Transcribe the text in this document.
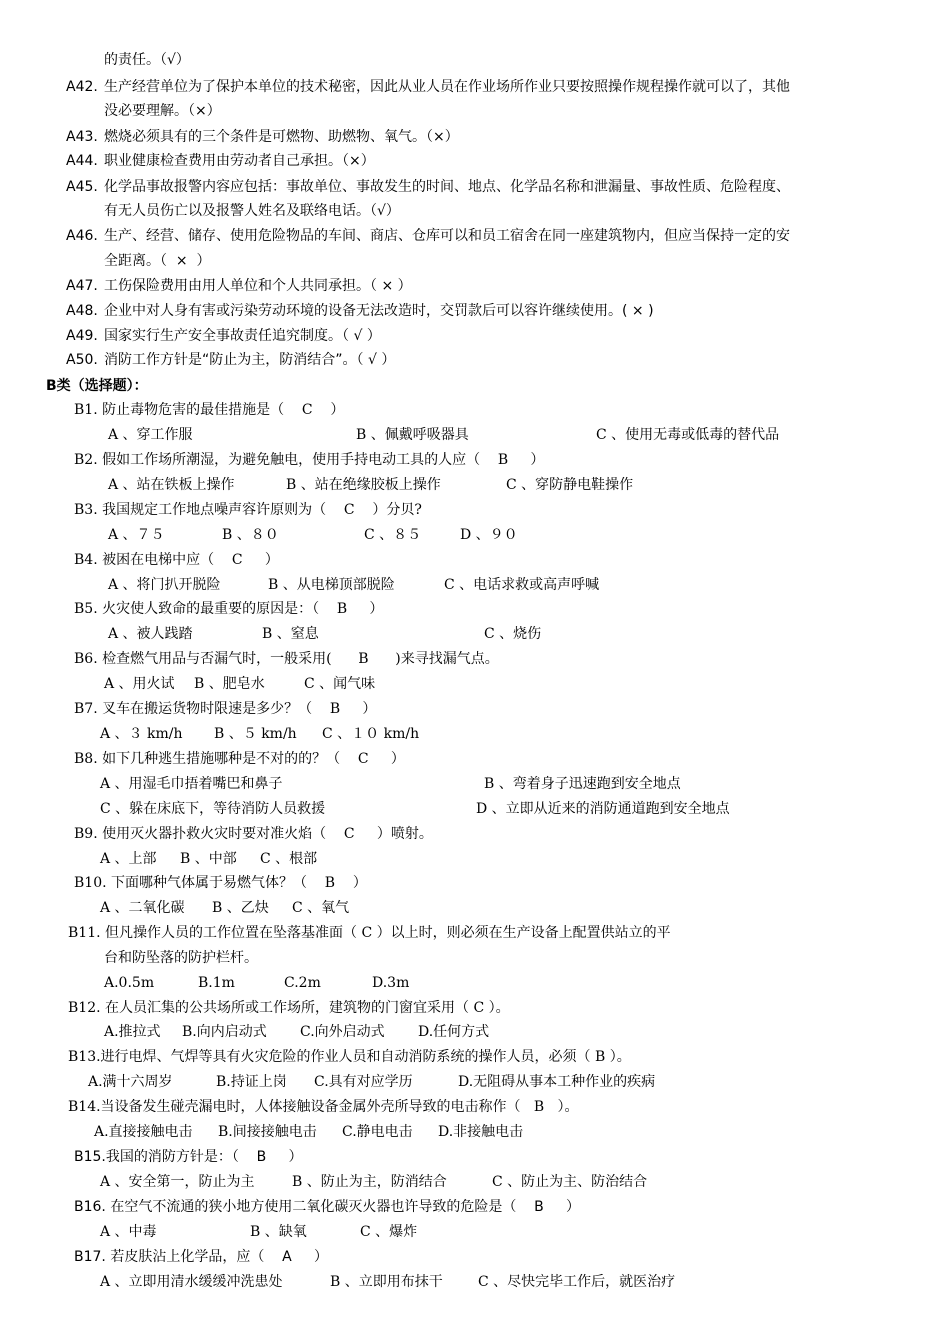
的责任。（√）
A42. 生产经营单位为了保护本单位的技术秘密，因此从业人员在作业场所作业只要按照操作规程操作就可以了，其他
没必要理解。（×）
A43. 燃烧必须具有的三个条件是可燃物、助燃物、氧气。（×）
A44. 职业健康检查费用由劳动者自己承担。（×）
A45. 化学品事故报警内容应包括：事故单位、事故发生的时间、地点、化学品名称和泄漏量、事故性质、危险程度、
有无人员伤亡以及报警人姓名及联络电话。（√）
A46. 生产、经营、储存、使用危险物品的车间、商店、仓库可以和员工宿舍在同一座建筑物内，但应当保持一定的安
全距离。（  ×  ）
A47. 工伤保险费用由用人单位和个人共同承担。（ × ）
A48. 企业中对人身有害或污染劳动环境的设备无法改造时，交罚款后可以容许继续使用。( × )
A49. 国家实行生产安全事故责任追究制度。（ √ ）
A50. 消防工作方针是“防止为主，防消结合”。（ √ ）
B类（选择题）：
B1. 防止毒物危害的最佳措施是（    C    ）
A 、穿工作服	B 、佩戴呼吸器具	C 、使用无毒或低毒的替代品
B2. 假如工作场所潮湿，为避免触电，使用手持电动工具的人应（    B     ）
A 、站在铁板上操作	B 、站在绝缘胶板上操作	C 、穿防静电鞋操作
B3. 我国规定工作地点噪声容许原则为（    C    ）分贝?
A 、７５	B 、８０	C 、８５	D 、９０
B4. 被困在电梯中应（    C     ）
A 、将门扒开脱险	B 、从电梯顶部脱险	C 、电话求救或高声呼喊
B5. 火灾使人致命的最重要的原因是：（    B     ）
A 、被人践踏	B 、窒息	C 、烧伤
B6. 检查燃气用品与否漏气时，一般采用(      B      )来寻找漏气点。
A 、用火试 B 、肥皂水	C 、闻气味
B7. 叉车在搬运货物时限速是多少？（    B     ）
A 、３ km/h B 、５ km/h C 、１０ km/h
B8. 如下几种逃生措施哪种是不对的的？（    C     ）
A 、用湿毛巾捂着嘴巴和鼻子	B 、弯着身子迅速跑到安全地点
C 、躲在床底下，等待消防人员救援	D 、立即从近来的消防通道跑到安全地点
B9. 使用灭火器扑救火灾时要对准火焰（    C     ）喷射。
A 、上部 B 、中部 C 、根部
B10. 下面哪种气体属于易燃气体？（    B    ）
A 、二氧化碳 B 、乙炔 C 、氧气
B11. 但凡操作人员的工作位置在坠落基准面（ C ）以上时，则必须在生产设备上配置供站立的平
台和防坠落的防护栏杆。
A.0.5m	B.1m	C.2m	D.3m
B12. 在人员汇集的公共场所或工作场所，建筑物的门窗宜采用（ C ）。
A.推拉式 B.向内启动式 C.向外启动式 D.任何方式
B13.进行电焊、气焊等具有火灾危险的作业人员和自动消防系统的操作人员，必须（ B ）。
A.满十六周岁	B.持证上岗 C.具有对应学历	D.无阻碍从事本工种作业的疾病
B14.当设备发生碰壳漏电时，人体接触设备金属外壳所导致的电击称作（   B   ）。
A.直接接触电击 B.间接接触电击 C.静电电击 D.非接触电击
B15.我国的消防方针是：（    B     ）
A 、安全第一，防止为主	B 、防止为主，防消结合	C 、防止为主、防治结合
B16. 在空气不流通的狭小地方使用二氧化碳灭火器也许导致的危险是（    B     ）
A 、中毒	B 、缺氧	C 、爆炸
B17. 若皮肤沾上化学品，应（    A     ）
A 、立即用清水缓缓冲洗患处	B 、立即用布抹干	C 、尽快完毕工作后，就医治疗
